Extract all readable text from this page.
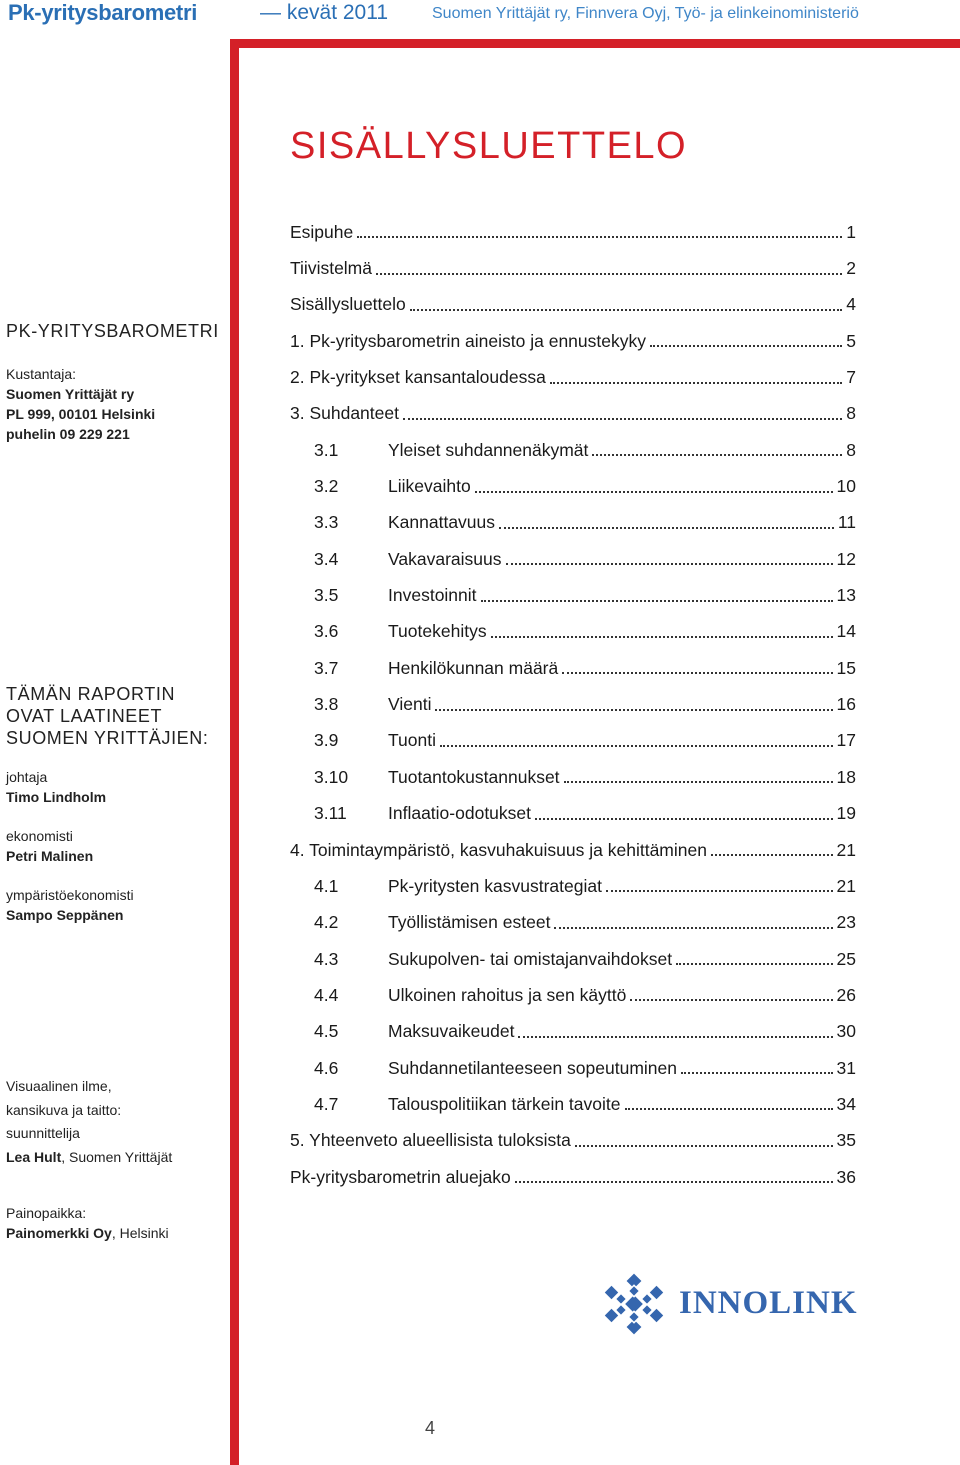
Pk-yritysbarometri	— kevät 2011	Suomen Yrittäjät ry, Finnvera Oyj, Työ- ja elinkeinoministeriö
PK-YRITYSBAROMETRI
Kustantaja:
Suomen Yrittäjät ry
PL 999, 00101 Helsinki
puhelin 09 229 221
TÄMÄN RAPORTIN
OVAT LAATINEET
SUOMEN YRITTÄJIEN:
johtaja
Timo Lindholm
ekonomisti
Petri Malinen
ympäristöekonomisti
Sampo Seppänen
Visuaalinen ilme,
kansikuva ja taitto:
suunnittelija
Lea Hult, Suomen Yrittäjät
Painopaikka:
Painomerkki Oy, Helsinki
SISÄLLYSLUETTELO
Esipuhe	1
Tiivistelmä	2
Sisällysluettelo	4
1. Pk-yritysbarometrin aineisto ja ennustekyky	5
2. Pk-yritykset kansantaloudessa	7
3. Suhdanteet	8
3.1	Yleiset suhdannenäkymät	8
3.2	Liikevaihto	10
3.3	Kannattavuus	11
3.4	Vakavaraisuus	12
3.5	Investoinnit	13
3.6	Tuotekehitys	14
3.7	Henkilökunnan määrä	15
3.8	Vienti	16
3.9	Tuonti	17
3.10	Tuotantokustannukset	18
3.11	Inflaatio-odotukset	19
4. Toimintaympäristö, kasvuhakuisuus ja kehittäminen	21
4.1	Pk-yritysten kasvustrategiat	21
4.2	Työllistämisen esteet	23
4.3	Sukupolven- tai omistajanvaihdokset	25
4.4	Ulkoinen rahoitus ja sen käyttö	26
4.5	Maksuvaikeudet	30
4.6	Suhdannetilanteeseen sopeutuminen	31
4.7	Talouspolitiikan tärkein tavoite	34
5. Yhteenveto alueellisista tuloksista	35
Pk-yritysbarometrin aluejako	36
INNOLINK
4
